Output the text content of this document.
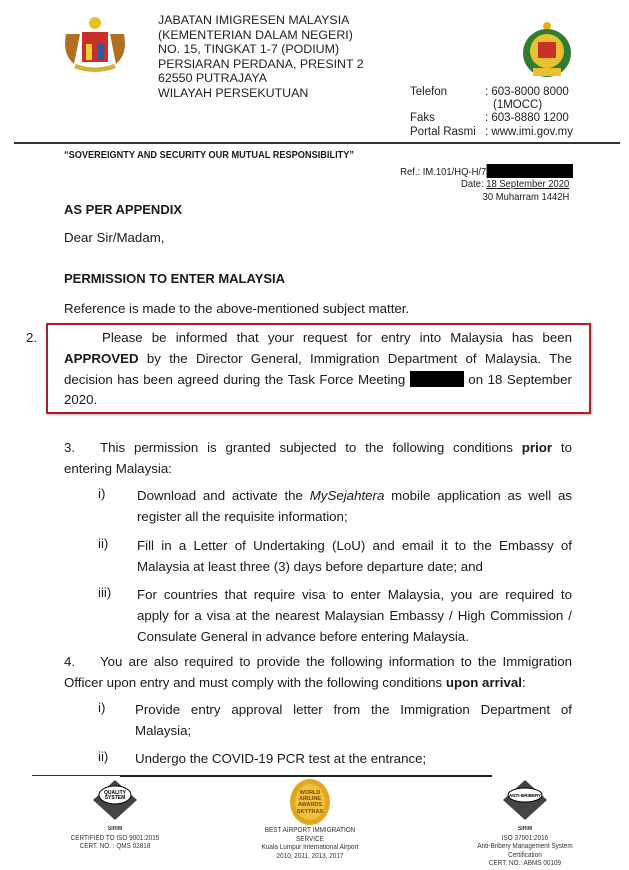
JABATAN IMIGRESEN MALAYSIA
(KEMENTERIAN DALAM NEGERI)
NO. 15, TINGKAT 1-7 (PODIUM)
PERSIARAN PERDANA, PRESINT 2
62550 PUTRAJAYA
WILAYAH PERSEKUTUAN	Telefon	: 603-8000 8000
(1MOCC)
Faks	: 603-8880 1200
Portal Rasmi : www.imi.gov.my
“SOVEREIGNTY AND SECURITY OUR MUTUAL RESPONSIBILITY”
Ref.: IM.101/HQ-H/7
Date: 18 September 2020
30 Muharram 1442H
AS PER APPENDIX
Dear Sir/Madam,
PERMISSION TO ENTER MALAYSIA
Reference is made to the above-mentioned subject matter.
2.	Please be informed that your request for entry into Malaysia has been APPROVED by the Director General, Immigration Department of Malaysia. The decision has been agreed during the Task Force Meeting	on 18 September 2020.
3. This permission is granted subjected to the following conditions prior to entering Malaysia:
i) Download and activate the MySejahtera mobile application as well as register all the requisite information;
ii) Fill in a Letter of Undertaking (LoU) and email it to the Embassy of Malaysia at least three (3) days before departure date; and
iii) For countries that require visa to enter Malaysia, you are required to apply for a visa at the nearest Malaysian Embassy / High Commission / Consulate General in advance before entering Malaysia.
4. You are also required to provide the following information to the Immigration Officer upon entry and must comply with the following conditions upon arrival:
i) Provide entry approval letter from the Immigration Department of Malaysia;
ii) Undergo the COVID-19 PCR test at the entrance;
QUALITY
SYSTEM
SIRIM
CERTIFIED TO ISO 9001:2015
CERT. NO. : QMS 02818
WORLD AIRLINE AWARDS SKYTRAX
BEST AIRPORT IMMIGRATION SERVICE
Kuala Lumpur International Airport
2010, 2011, 2013, 2017
ANTI-BRIBERY
SIRIM
ISO 37001:2016
Anti-Bribery Management System Certification
CERT. NO.: ABMS 00109
